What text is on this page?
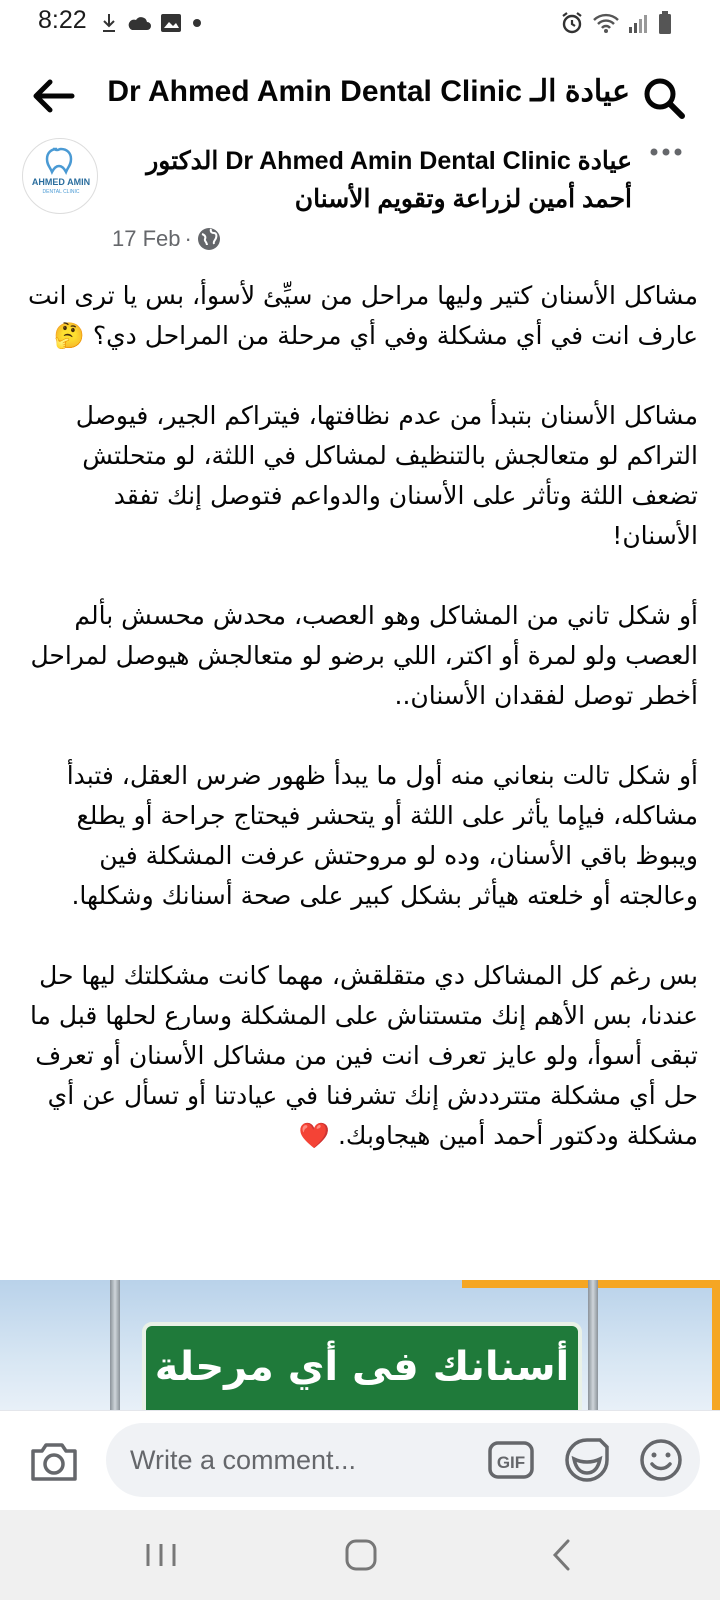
8:22
عيادة الـ Dr Ahmed Amin Dental Clinic
AHMED AMIN
DENTAL CLINIC
عيادة Dr Ahmed Amin Dental Clinic الدكتور أحمد أمين لزراعة وتقويم الأسنان
17 Feb ·

مشاكل الأسنان كتير وليها مراحل من سيِّئ لأسوأ، بس يا ترى انت عارف انت في أي مشكلة وفي أي مرحلة من المراحل دي؟ 🤔

مشاكل الأسنان بتبدأ من عدم نظافتها، فيتراكم الجير، فيوصل التراكم لو متعالجش بالتنظيف لمشاكل في اللثة، لو متحلتش تضعف اللثة وتأثر على الأسنان والدواعم فتوصل إنك تفقد الأسنان!

أو شكل تاني من المشاكل وهو العصب، محدش محسش بألم العصب ولو لمرة أو اكتر، اللي برضو لو متعالجش هيوصل لمراحل أخطر توصل لفقدان الأسنان..

أو شكل تالت بنعاني منه أول ما يبدأ ظهور ضرس العقل، فتبدأ مشاكله، فيإما يأثر على اللثة أو يتحشر فيحتاج جراحة أو يطلع ويبوظ باقي الأسنان، وده لو مروحتش عرفت المشكلة فين وعالجته أو خلعته هيأثر بشكل كبير على صحة أسنانك وشكلها.

بس رغم كل المشاكل دي متقلقش، مهما كانت مشكلتك ليها حل عندنا، بس الأهم إنك متستناش على المشكلة وسارع لحلها قبل ما تبقى أسوأ، ولو عايز تعرف انت فين من مشاكل الأسنان أو تعرف حل أي مشكلة متترددش إنك تشرفنا في عيادتنا أو تسأل عن أي مشكلة ودكتور أحمد أمين هيجاوبك. ❤️

أسنانك فى أي مرحلة
Write a comment...
GIF
